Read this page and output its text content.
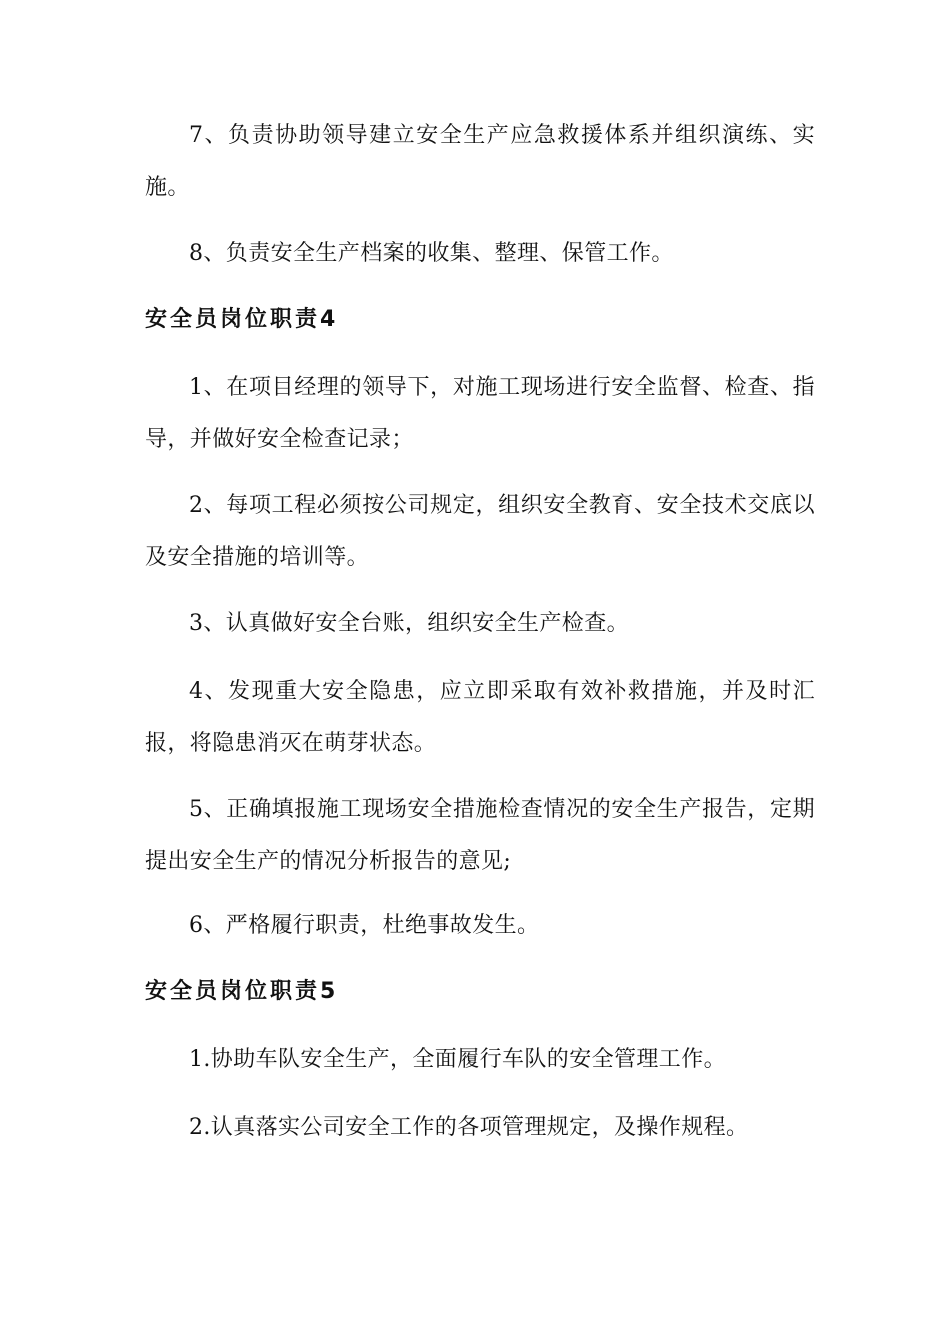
7、负责协助领导建立安全生产应急救援体系并组织演练、实施。

8、负责安全生产档案的收集、整理、保管工作。

安全员岗位职责4

1、在项目经理的领导下，对施工现场进行安全监督、检查、指导，并做好安全检查记录；

2、每项工程必须按公司规定，组织安全教育、安全技术交底以及安全措施的培训等。

3、认真做好安全台账，组织安全生产检查。

4、发现重大安全隐患，应立即采取有效补救措施，并及时汇报，将隐患消灭在萌芽状态。

5、正确填报施工现场安全措施检查情况的安全生产报告，定期提出安全生产的情况分析报告的意见;

6、严格履行职责，杜绝事故发生。

安全员岗位职责5

1.协助车队安全生产，全面履行车队的安全管理工作。

2.认真落实公司安全工作的各项管理规定，及操作规程。
